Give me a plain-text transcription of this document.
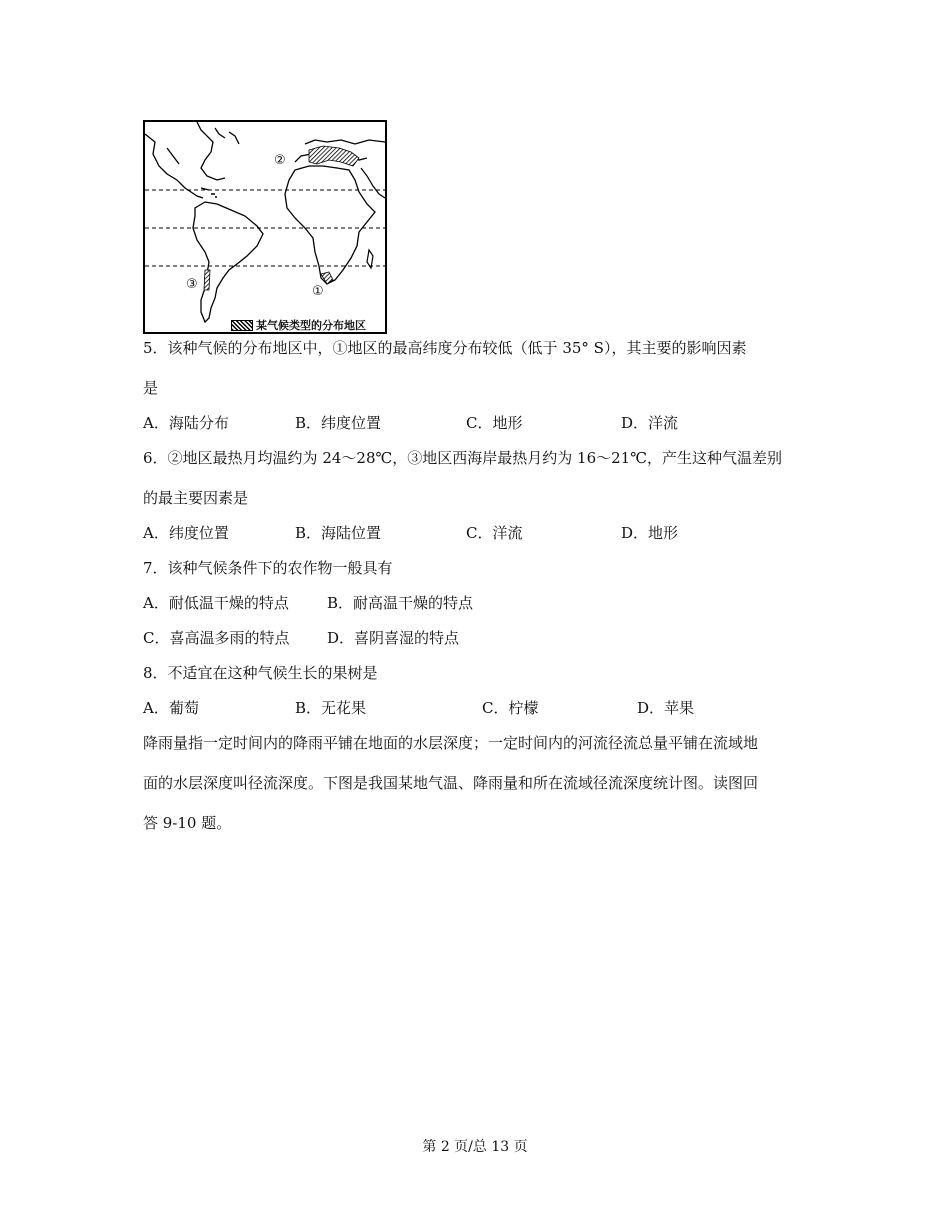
②
③	①
某气候类型的分布地区
5．该种气候的分布地区中，①地区的最高纬度分布较低（低于 35° S），其主要的影响因素
是
A．海陆分布	B．纬度位置	C．地形	D．洋流
6．②地区最热月均温约为 24～28℃，③地区西海岸最热月约为 16～21℃，产生这种气温差别
的最主要因素是
A．纬度位置	B．海陆位置	C．洋流	D．地形
7．该种气候条件下的农作物一般具有
A．耐低温干燥的特点	B．耐高温干燥的特点
C．喜高温多雨的特点	D．喜阴喜湿的特点
8．不适宜在这种气候生长的果树是
A．葡萄	B．无花果	C．柠檬	D．苹果
降雨量指一定时间内的降雨平铺在地面的水层深度；一定时间内的河流径流总量平铺在流域地
面的水层深度叫径流深度。下图是我国某地气温、降雨量和所在流域径流深度统计图。读图回
答 9-10 题。
第 2 页/总 13 页
